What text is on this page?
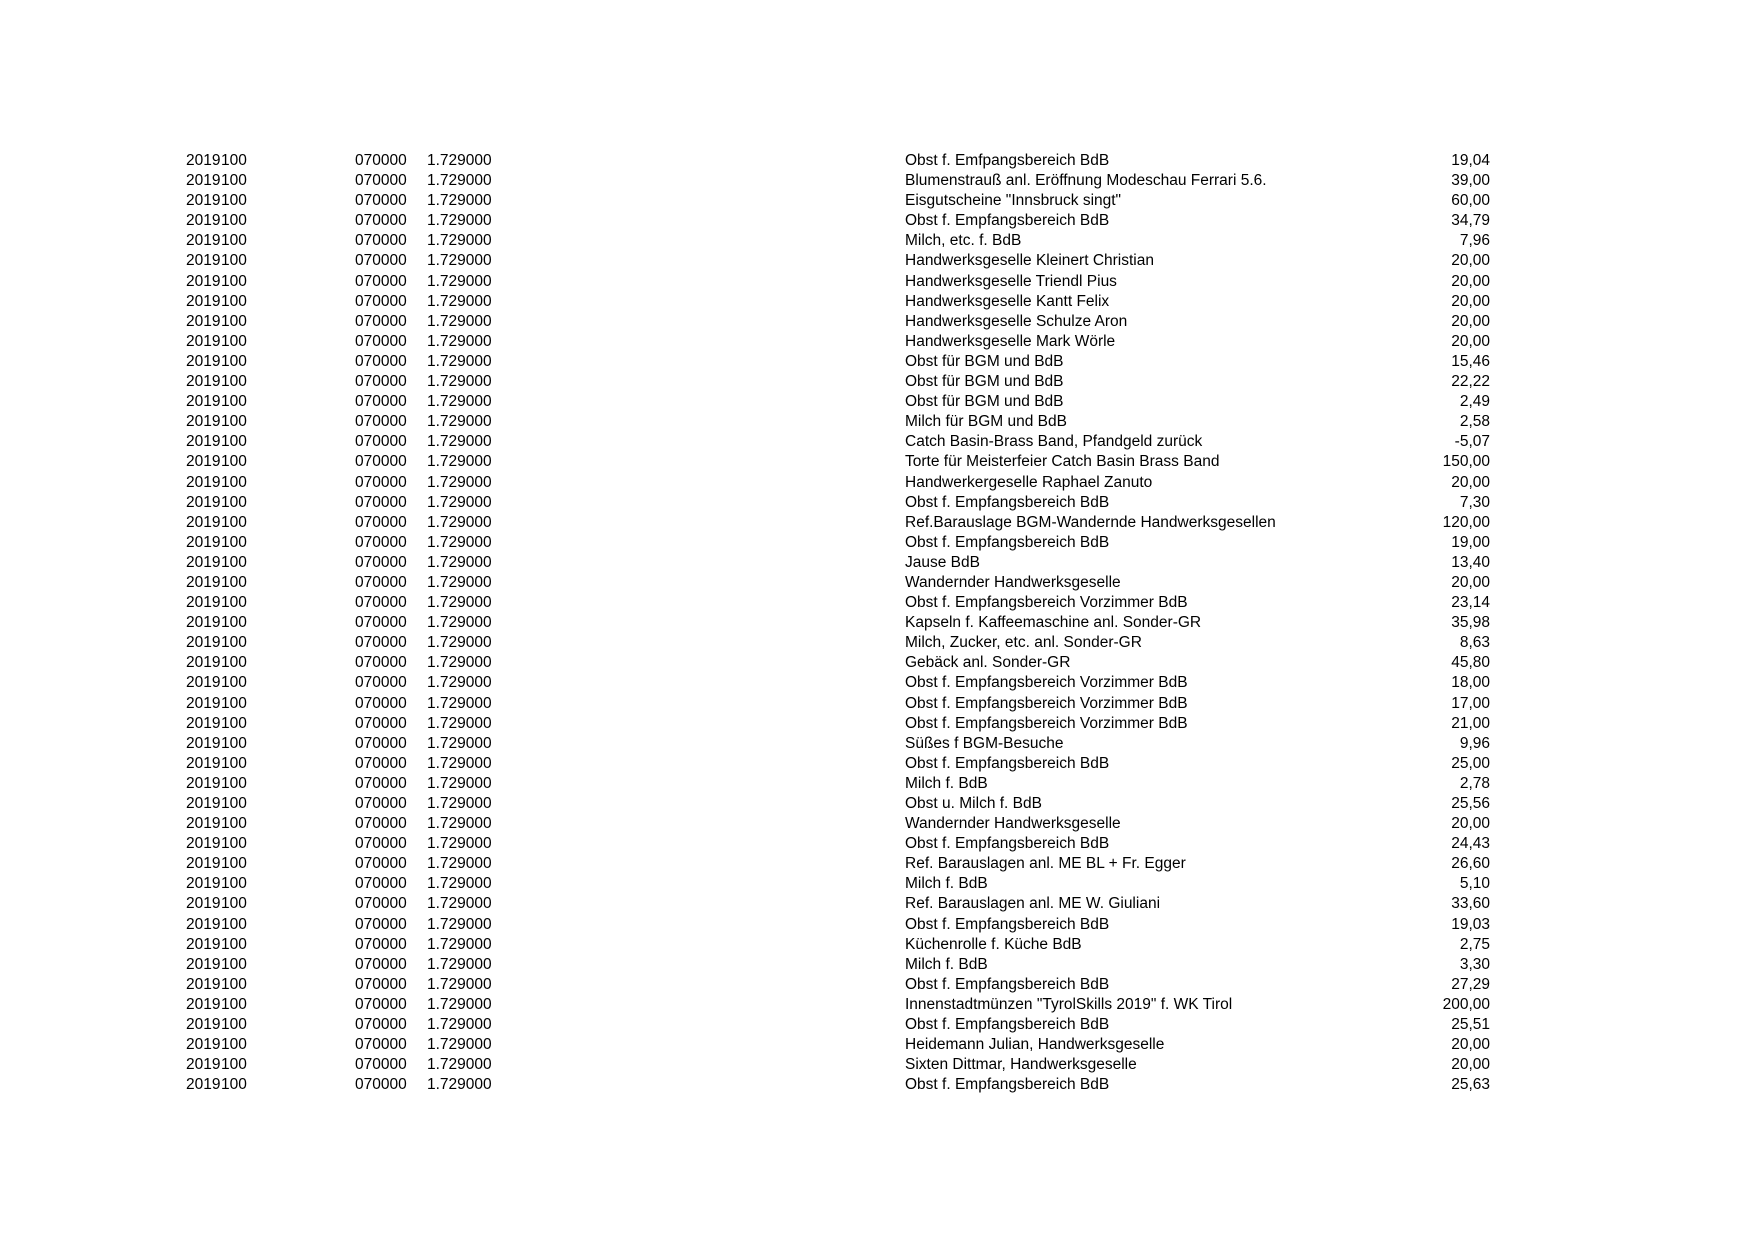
2019 100	070000 1.729000	Obst f. Emfpangsbereich BdB	19,04
2019 100	070000 1.729000	Blumenstrauß anl. Eröffnung Modeschau Ferrari 5.6.	39,00
2019 100	070000 1.729000	Eisgutscheine "Innsbruck singt"	60,00
2019 100	070000 1.729000	Obst f. Empfangsbereich BdB	34,79
2019 100	070000 1.729000	Milch, etc. f. BdB	7,96
2019 100	070000 1.729000	Handwerksgeselle Kleinert Christian	20,00
2019 100	070000 1.729000	Handwerksgeselle Triendl Pius	20,00
2019 100	070000 1.729000	Handwerksgeselle Kantt Felix	20,00
2019 100	070000 1.729000	Handwerksgeselle Schulze Aron	20,00
2019 100	070000 1.729000	Handwerksgeselle Mark Wörle	20,00
2019 100	070000 1.729000	Obst für BGM und BdB	15,46
2019 100	070000 1.729000	Obst für BGM und BdB	22,22
2019 100	070000 1.729000	Obst für BGM und BdB	2,49
2019 100	070000 1.729000	Milch für BGM und BdB	2,58
2019 100	070000 1.729000	Catch Basin-Brass Band, Pfandgeld zurück	-5,07
2019 100	070000 1.729000	Torte für Meisterfeier Catch Basin Brass Band	150,00
2019 100	070000 1.729000	Handwerkergeselle Raphael Zanuto	20,00
2019 100	070000 1.729000	Obst f. Empfangsbereich BdB	7,30
2019 100	070000 1.729000	Ref.Barauslage BGM-Wandernde Handwerksgesellen	120,00
2019 100	070000 1.729000	Obst f. Empfangsbereich BdB	19,00
2019 100	070000 1.729000	Jause BdB	13,40
2019 100	070000 1.729000	Wandernder Handwerksgeselle	20,00
2019 100	070000 1.729000	Obst f. Empfangsbereich Vorzimmer BdB	23,14
2019 100	070000 1.729000	Kapseln f. Kaffeemaschine anl. Sonder-GR	35,98
2019 100	070000 1.729000	Milch, Zucker, etc. anl. Sonder-GR	8,63
2019 100	070000 1.729000	Gebäck anl. Sonder-GR	45,80
2019 100	070000 1.729000	Obst f. Empfangsbereich Vorzimmer BdB	18,00
2019 100	070000 1.729000	Obst f. Empfangsbereich Vorzimmer BdB	17,00
2019 100	070000 1.729000	Obst f. Empfangsbereich Vorzimmer BdB	21,00
2019 100	070000 1.729000	Süßes f BGM-Besuche	9,96
2019 100	070000 1.729000	Obst f. Empfangsbereich BdB	25,00
2019 100	070000 1.729000	Milch f. BdB	2,78
2019 100	070000 1.729000	Obst u. Milch f. BdB	25,56
2019 100	070000 1.729000	Wandernder Handwerksgeselle	20,00
2019 100	070000 1.729000	Obst f. Empfangsbereich BdB	24,43
2019 100	070000 1.729000	Ref. Barauslagen anl. ME BL + Fr. Egger	26,60
2019 100	070000 1.729000	Milch f. BdB	5,10
2019 100	070000 1.729000	Ref. Barauslagen anl. ME W. Giuliani	33,60
2019 100	070000 1.729000	Obst f. Empfangsbereich BdB	19,03
2019 100	070000 1.729000	Küchenrolle f. Küche BdB	2,75
2019 100	070000 1.729000	Milch f. BdB	3,30
2019 100	070000 1.729000	Obst f. Empfangsbereich BdB	27,29
2019 100	070000 1.729000	Innenstadtmünzen "TyrolSkills 2019" f. WK Tirol	200,00
2019 100	070000 1.729000	Obst f. Empfangsbereich BdB	25,51
2019 100	070000 1.729000	Heidemann Julian, Handwerksgeselle	20,00
2019 100	070000 1.729000	Sixten Dittmar, Handwerksgeselle	20,00
2019 100	070000 1.729000	Obst f. Empfangsbereich BdB	25,63
